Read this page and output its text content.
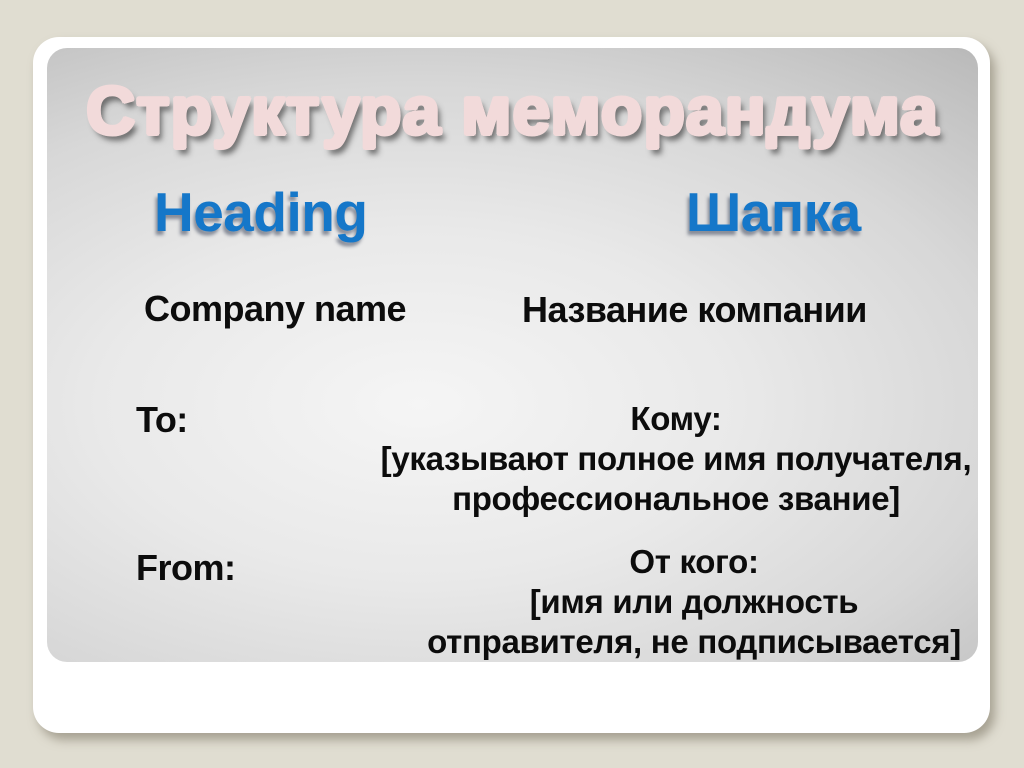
Структура меморандума
Heading	Шапка
Company name	Название компании
To:	Кому:
[указывают полное имя получателя,
профессиональное звание]
From:	От кого:
[имя или должность
отправителя, не подписывается]
